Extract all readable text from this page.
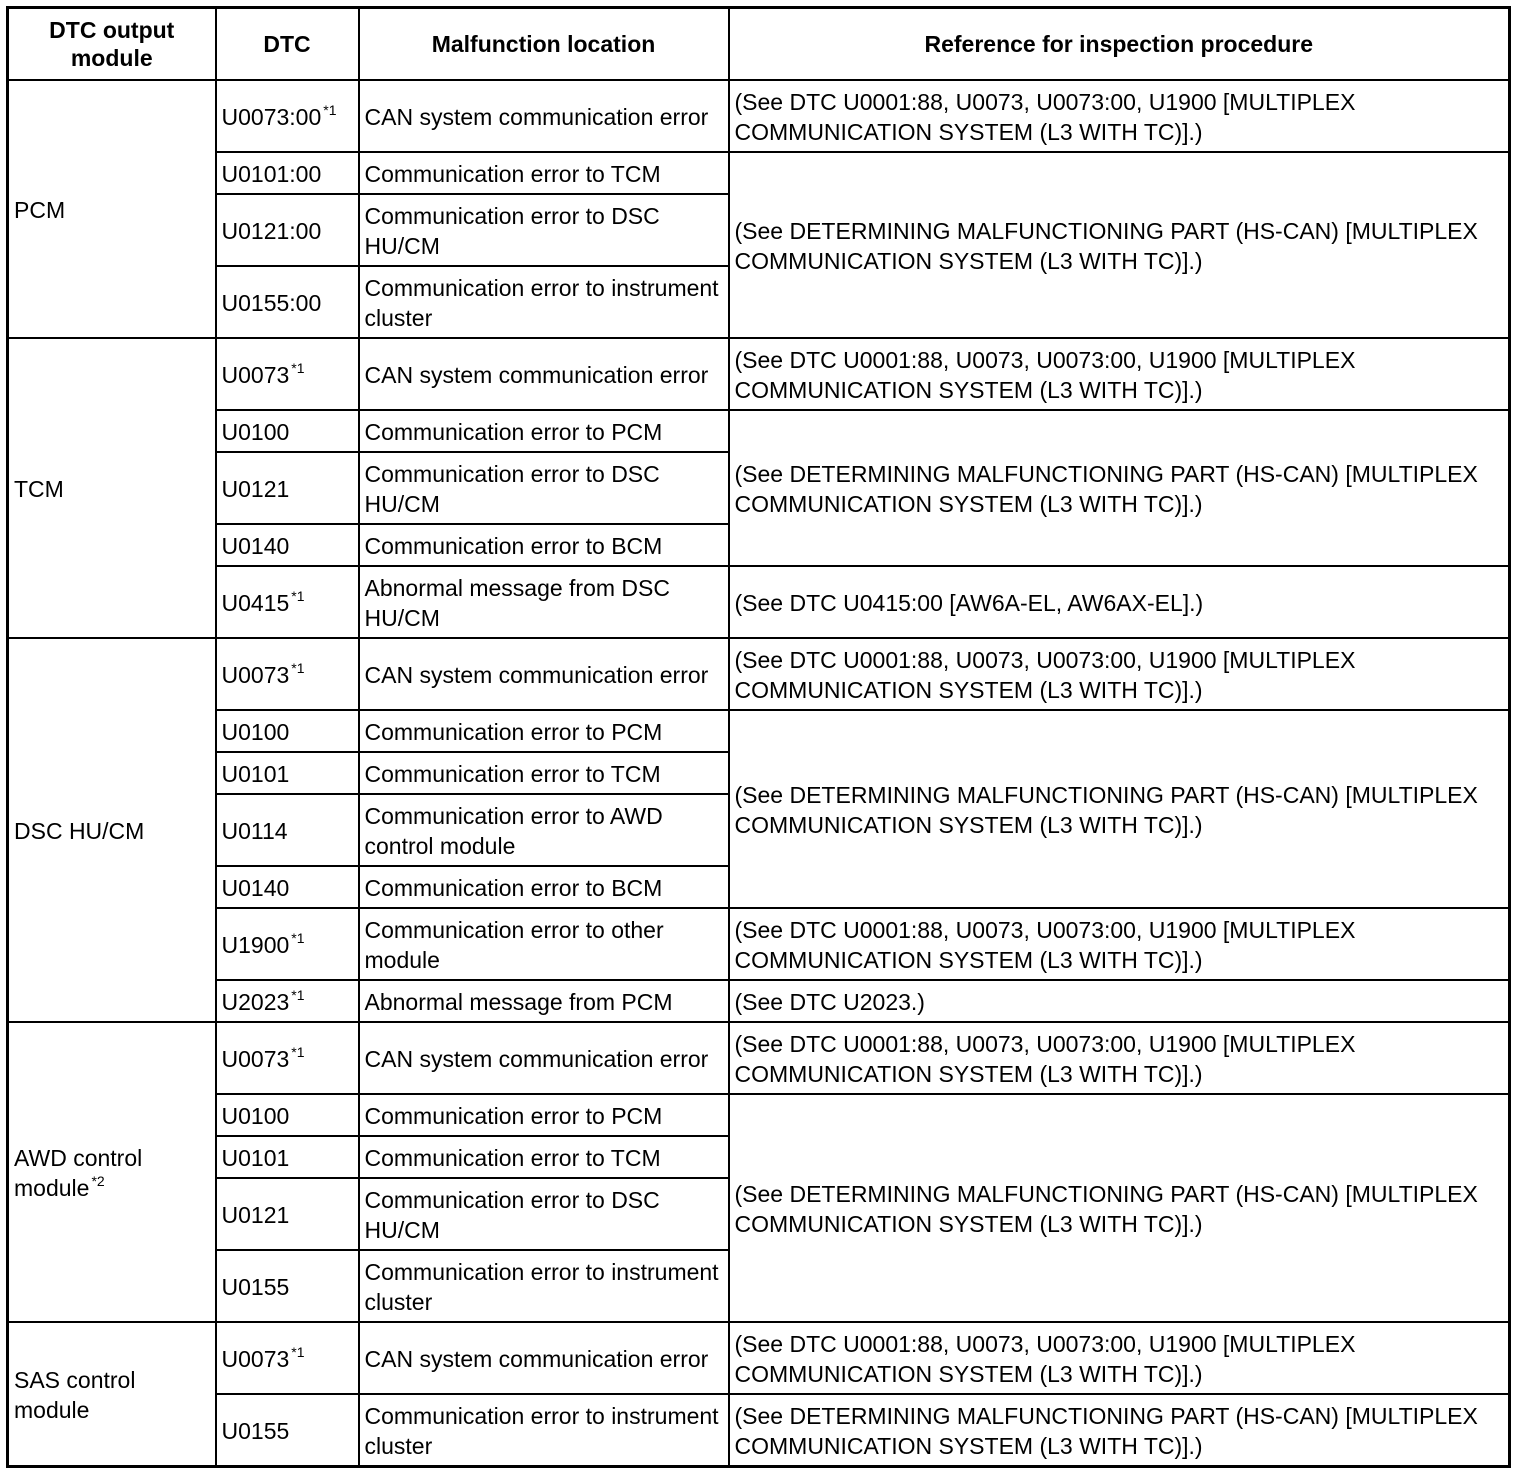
DTC output module	DTC	Malfunction location	Reference for inspection procedure
PCM	U0073:00 $^{*1}$	CAN system communication error	(See DTC U0001:88, U0073, U0073:00, U1900 [MULTIPLEX COMMUNICATION SYSTEM (L3 WITH TC)].)
	U0101:00	Communication error to TCM	(See DETERMINING MALFUNCTIONING PART (HS-CAN) [MULTIPLEX COMMUNICATION SYSTEM (L3 WITH TC)].)
	U0121:00	Communication error to DSC HU/CM	
	U0155:00	Communication error to instrument cluster	
TCM	U0073 $^{*1}$	CAN system communication error	(See DTC U0001:88, U0073, U0073:00, U1900 [MULTIPLEX COMMUNICATION SYSTEM (L3 WITH TC)].)
	U0100	Communication error to PCM	(See DETERMINING MALFUNCTIONING PART (HS-CAN) [MULTIPLEX COMMUNICATION SYSTEM (L3 WITH TC)].)
	U0121	Communication error to DSC HU/CM	
	U0140	Communication error to BCM	
	U0415 $^{*1}$	Abnormal message from DSC HU/CM	(See DTC U0415:00 [AW6A-EL, AW6AX-EL].)
DSC HU/CM	U0073 $^{*1}$	CAN system communication error	(See DTC U0001:88, U0073, U0073:00, U1900 [MULTIPLEX COMMUNICATION SYSTEM (L3 WITH TC)].)
	U0100	Communication error to PCM	(See DETERMINING MALFUNCTIONING PART (HS-CAN) [MULTIPLEX COMMUNICATION SYSTEM (L3 WITH TC)].)
	U0101	Communication error to TCM	
	U0114	Communication error to AWD control module	
	U0140	Communication error to BCM	
	U1900 $^{*1}$	Communication error to other module	(See DTC U0001:88, U0073, U0073:00, U1900 [MULTIPLEX COMMUNICATION SYSTEM (L3 WITH TC)].)
	U2023 $^{*1}$	Abnormal message from PCM	(See DTC U2023.)
AWD control module $^{*2}$	U0073 $^{*1}$	CAN system communication error	(See DTC U0001:88, U0073, U0073:00, U1900 [MULTIPLEX COMMUNICATION SYSTEM (L3 WITH TC)].)
	U0100	Communication error to PCM	(See DETERMINING MALFUNCTIONING PART (HS-CAN) [MULTIPLEX COMMUNICATION SYSTEM (L3 WITH TC)].)
	U0101	Communication error to TCM	
	U0121	Communication error to DSC HU/CM	
	U0155	Communication error to instrument cluster	
SAS control module	U0073 $^{*1}$	CAN system communication error	(See DTC U0001:88, U0073, U0073:00, U1900 [MULTIPLEX COMMUNICATION SYSTEM (L3 WITH TC)].)
	U0155	Communication error to instrument cluster	(See DETERMINING MALFUNCTIONING PART (HS-CAN) [MULTIPLEX COMMUNICATION SYSTEM (L3 WITH TC)].)
